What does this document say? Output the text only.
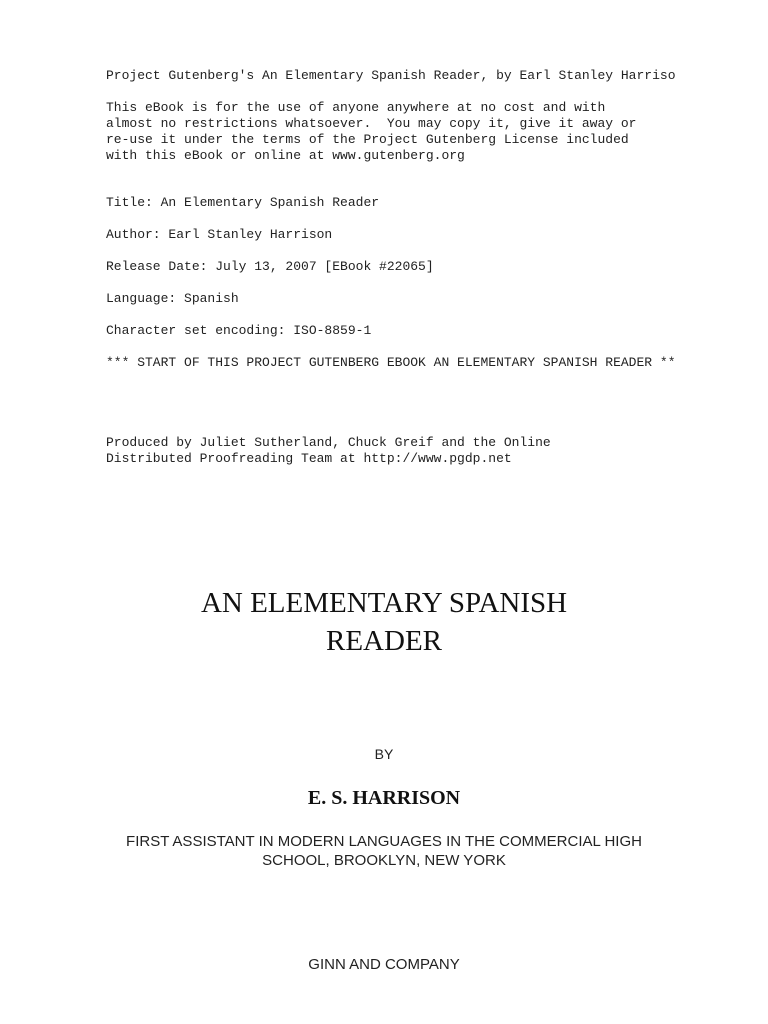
Project Gutenberg's An Elementary Spanish Reader, by Earl Stanley Harriso

This eBook is for the use of anyone anywhere at no cost and with

almost no restrictions whatsoever.  You may copy it, give it away or

re-use it under the terms of the Project Gutenberg License included

with this eBook or online at www.gutenberg.org

Title: An Elementary Spanish Reader

Author: Earl Stanley Harrison

Release Date: July 13, 2007 [EBook #22065]

Language: Spanish

Character set encoding: ISO-8859-1

*** START OF THIS PROJECT GUTENBERG EBOOK AN ELEMENTARY SPANISH READER **

Produced by Juliet Sutherland, Chuck Greif and the Online

Distributed Proofreading Team at http://www.pgdp.net

AN ELEMENTARY SPANISH

READER

BY

E. S. HARRISON

FIRST ASSISTANT IN MODERN LANGUAGES IN THE COMMERCIAL HIGH

SCHOOL, BROOKLYN, NEW YORK

GINN AND COMPANY
